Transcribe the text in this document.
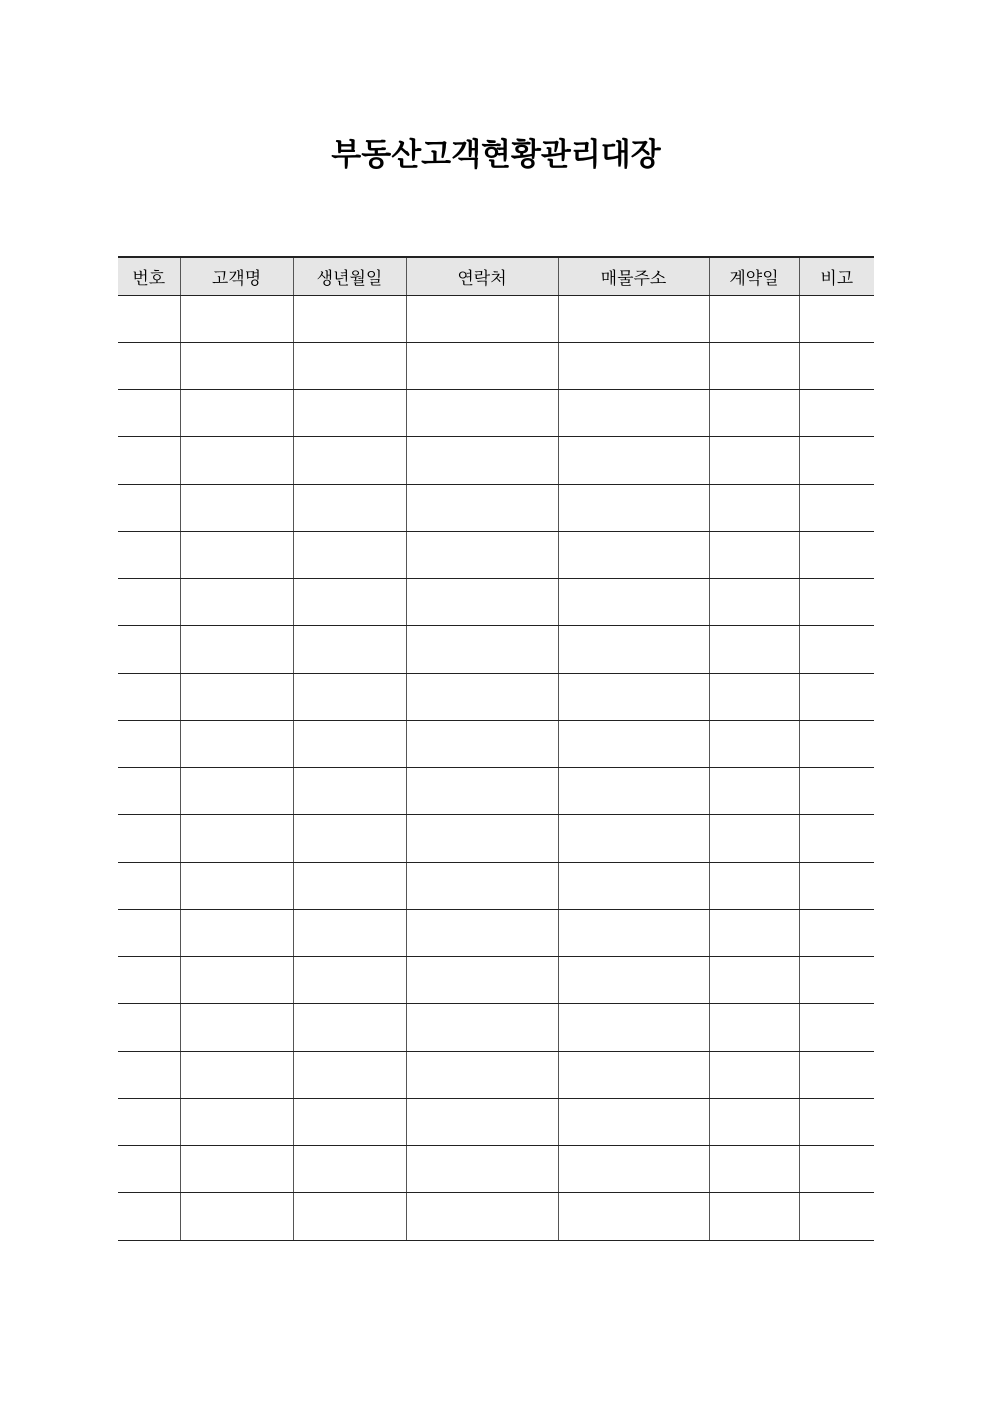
부동산고객현황관리대장
번호	고객명	생년월일	연락처	매물주소	계약일	비고
